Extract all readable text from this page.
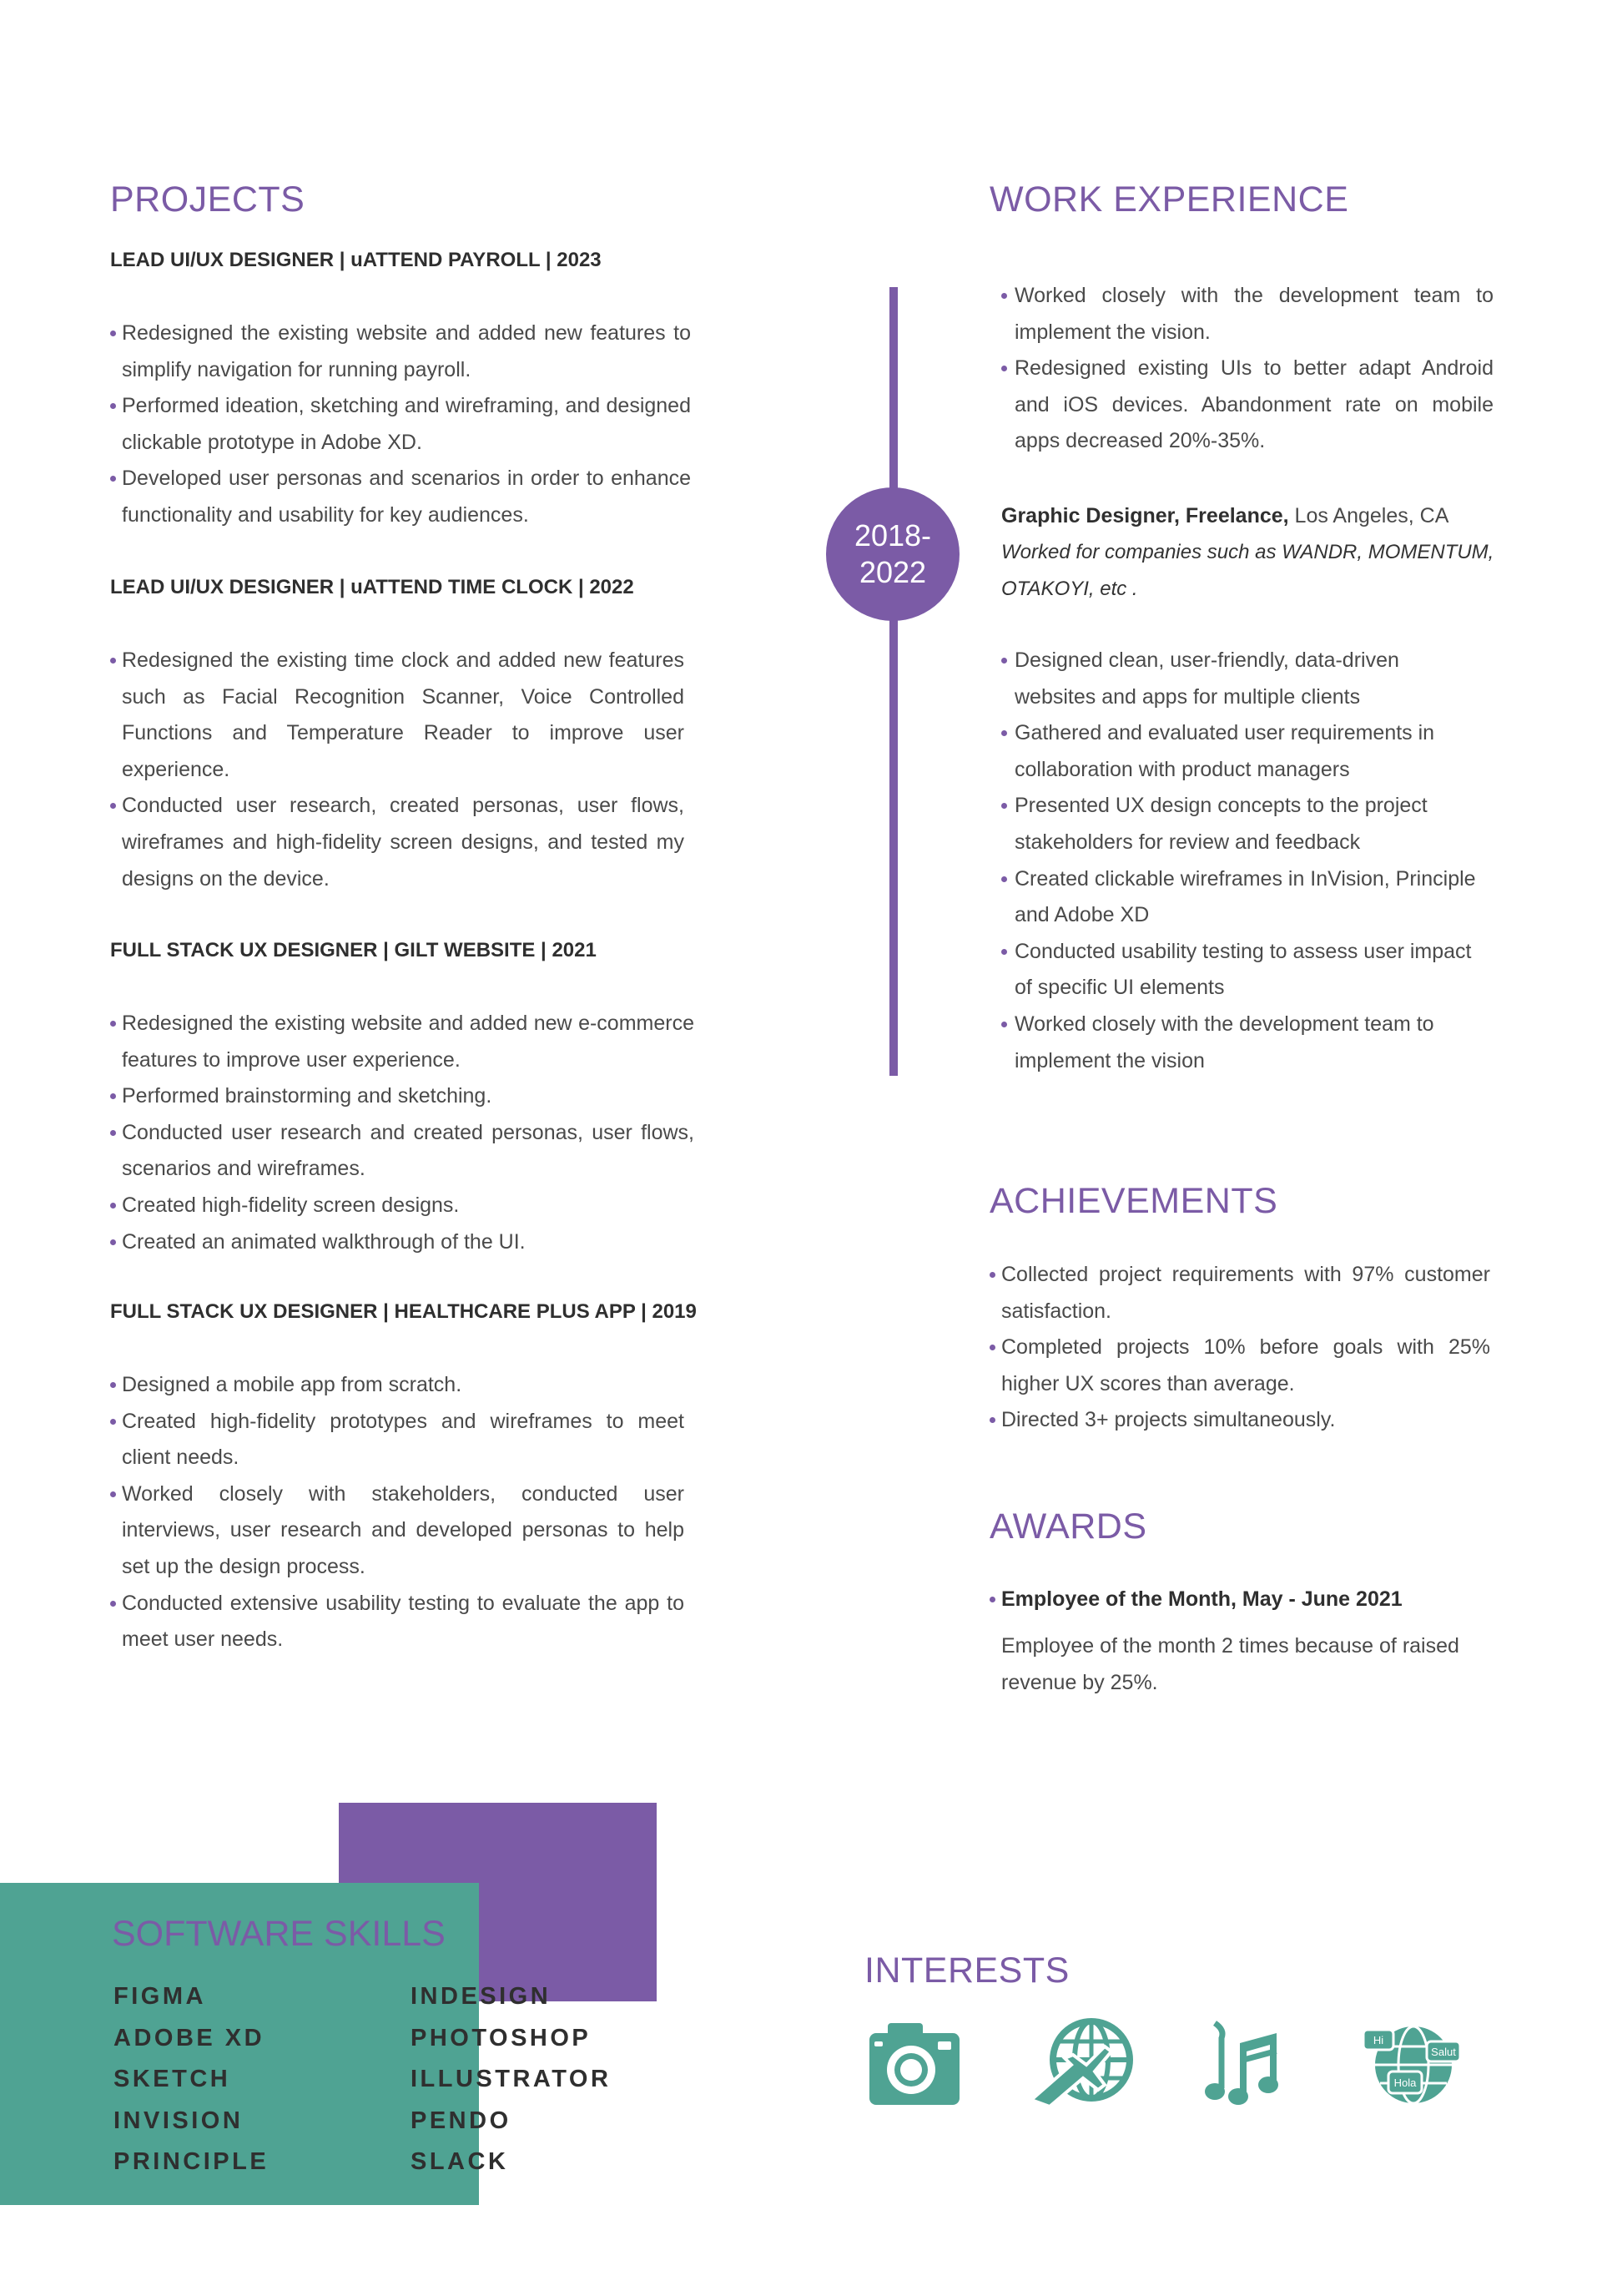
PROJECTS
LEAD UI/UX DESIGNER | uATTEND PAYROLL | 2023
Redesigned the existing website and added new features to simplify navigation for running payroll.
Performed ideation, sketching and wireframing, and designed clickable prototype in Adobe XD.
Developed user personas and scenarios in order to enhance functionality and usability for key audiences.
LEAD UI/UX DESIGNER | uATTEND TIME CLOCK | 2022
Redesigned the existing time clock and added new features such as Facial Recognition Scanner, Voice Controlled Functions and Temperature Reader to improve user experience.
Conducted user research, created personas, user flows, wireframes and high-fidelity screen designs, and tested my designs on the device.
FULL STACK UX DESIGNER | GILT WEBSITE | 2021
Redesigned the existing website and added new e-commerce features to improve user experience.
Performed brainstorming and sketching.
Conducted user research and created personas, user flows, scenarios and wireframes.
Created high-fidelity screen designs.
Created an animated walkthrough of the UI.
FULL STACK UX DESIGNER | HEALTHCARE PLUS APP | 2019
Designed a mobile app from scratch.
Created high-fidelity prototypes and wireframes to meet client needs.
Worked closely with stakeholders, conducted user interviews, user research and developed personas to help set up the design process.
Conducted extensive usability testing to evaluate the app to meet user needs.
2018-
2022
WORK EXPERIENCE
Worked closely with the development team to implement the vision.
Redesigned existing UIs to better adapt Android and iOS devices. Abandonment rate on mobile apps decreased 20%-35%.

Graphic Designer, Freelance, Los Angeles, CA
Worked for companies such as WANDR, MOMENTUM, OTAKOYI, etc .

Designed clean, user-friendly, data-driven websites and apps for multiple clients
Gathered and evaluated user requirements in collaboration with product managers
Presented UX design concepts to the project stakeholders for review and feedback
Created clickable wireframes in InVision, Principle and Adobe XD
Conducted usability testing to assess user impact of specific UI elements
Worked closely with the development team to implement the vision
ACHIEVEMENTS
Collected project requirements with 97% customer satisfaction.
Completed projects 10% before goals with 25% higher UX scores than average.
Directed 3+ projects simultaneously.
AWARDS

Employee of the Month, May - June 2021

Employee of the month 2 times because of raised revenue by 25%.

SOFTWARE SKILLS
FIGMA
ADOBE XD
SKETCH
INVISION
PRINCIPLE
INDESIGN
PHOTOSHOP
ILLUSTRATOR
PENDO
SLACK
INTERESTS
Hi
Salut
Hola
